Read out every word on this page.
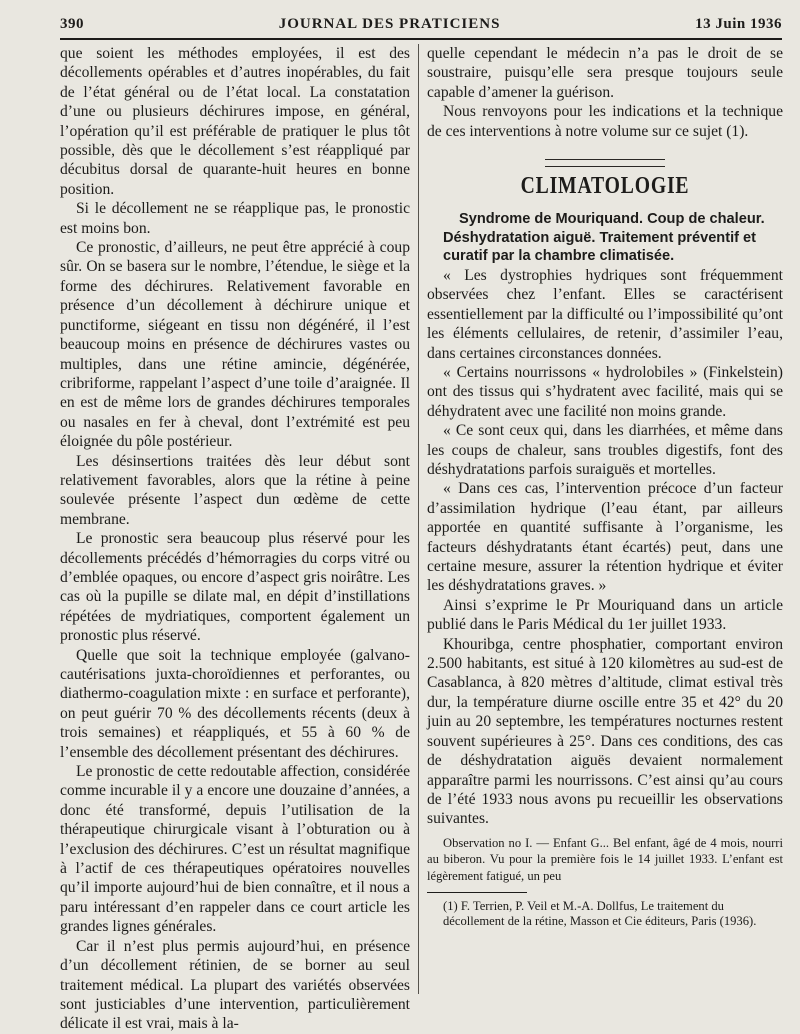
390	JOURNAL DES PRATICIENS	13 Juin 1936

que soient les méthodes employées, il est des décollements opérables et d’autres inopérables, du fait de l’état général ou de l’état local. La constatation d’une ou plusieurs déchirures impose, en général, l’opération qu’il est préférable de pratiquer le plus tôt possible, dès que le décollement s’est réappliqué par décubitus dorsal de quarante-huit heures en bonne position.

Si le décollement ne se réapplique pas, le pronostic est moins bon.

Ce pronostic, d’ailleurs, ne peut être apprécié à coup sûr. On se basera sur le nombre, l’étendue, le siège et la forme des déchirures. Relativement favorable en présence d’un décollement à déchirure unique et punctiforme, siégeant en tissu non dégénéré, il l’est beaucoup moins en présence de déchirures vastes ou multiples, dans une rétine amincie, dégénérée, cribriforme, rappelant l’aspect d’une toile d’araignée. Il en est de même lors de grandes déchirures temporales ou nasales en fer à cheval, dont l’extrémité est peu éloignée du pôle postérieur.

Les désinsertions traitées dès leur début sont relativement favorables, alors que la rétine à peine soulevée présente l’aspect dun œdème de cette membrane.

Le pronostic sera beaucoup plus réservé pour les décollements précédés d’hémorragies du corps vitré ou d’emblée opaques, ou encore d’aspect gris noirâtre. Les cas où la pupille se dilate mal, en dépit d’instillations répétées de mydriatiques, comportent également un pronostic plus réservé.

Quelle que soit la technique employée (galvano-cautérisations juxta-choroïdiennes et perforantes, ou diathermo-coagulation mixte : en surface et perforante), on peut guérir 70 % des décollements récents (deux à trois semaines) et réappliqués, et 55 à 60 % de l’ensemble des décollement présentant des déchirures.

Le pronostic de cette redoutable affection, considérée comme incurable il y a encore une douzaine d’années, a donc été transformé, depuis l’utilisation de la thérapeutique chirurgicale visant à l’obturation ou à l’exclusion des déchirures. C’est un résultat magnifique à l’actif de ces thérapeutiques opératoires nouvelles qu’il importe aujourd’hui de bien connaître, et il nous a paru intéressant d’en rappeler dans ce court article les grandes lignes générales.

Car il n’est plus permis aujourd’hui, en présence d’un décollement rétinien, de se borner au seul traitement médical. La plupart des variétés observées sont justiciables d’une intervention, particulièrement délicate il est vrai, mais à la-

quelle cependant le médecin n’a pas le droit de se soustraire, puisqu’elle sera presque toujours seule capable d’amener la guérison.

Nous renvoyons pour les indications et la technique de ces interventions à notre volume sur ce sujet (1).

CLIMATOLOGIE

Syndrome de Mouriquand. Coup de chaleur. Déshydratation aiguë. Traitement préventif et curatif par la chambre climatisée.

« Les dystrophies hydriques sont fréquemment observées chez l’enfant. Elles se caractérisent essentiellement par la difficulté ou l’impossibilité qu’ont les éléments cellulaires, de retenir, d’assimiler l’eau, dans certaines circonstances données.

« Certains nourrissons « hydrolobiles » (Finkelstein) ont des tissus qui s’hydratent avec facilité, mais qui se déhydratent avec une facilité non moins grande.

« Ce sont ceux qui, dans les diarrhées, et même dans les coups de chaleur, sans troubles digestifs, font des déshydratations parfois suraiguës et mortelles.

« Dans ces cas, l’intervention précoce d’un facteur d’assimilation hydrique (l’eau étant, par ailleurs apportée en quantité suffisante à l’organisme, les facteurs déshydratants étant écartés) peut, dans une certaine mesure, assurer la rétention hydrique et éviter les déshydratations graves. »

Ainsi s’exprime le Pr Mouriquand dans un article publié dans le Paris Médical du 1er juillet 1933.

Khouribga, centre phosphatier, comportant environ 2.500 habitants, est situé à 120 kilomètres au sud-est de Casablanca, à 820 mètres d’altitude, climat estival très dur, la température diurne oscille entre 35 et 42° du 20 juin au 20 septembre, les températures nocturnes restent souvent supérieures à 25°. Dans ces conditions, des cas de déshydratation aiguës devaient normalement apparaître parmi les nourrissons. C’est ainsi qu’au cours de l’été 1933 nous avons pu recueillir les observations suivantes.

Observation no I. — Enfant G... Bel enfant, âgé de 4 mois, nourri au biberon. Vu pour la première fois le 14 juillet 1933. L’enfant est légèrement fatigué, un peu

(1) F. Terrien, P. Veil et M.-A. Dollfus, Le traitement du décollement de la rétine, Masson et Cie éditeurs, Paris (1936).
